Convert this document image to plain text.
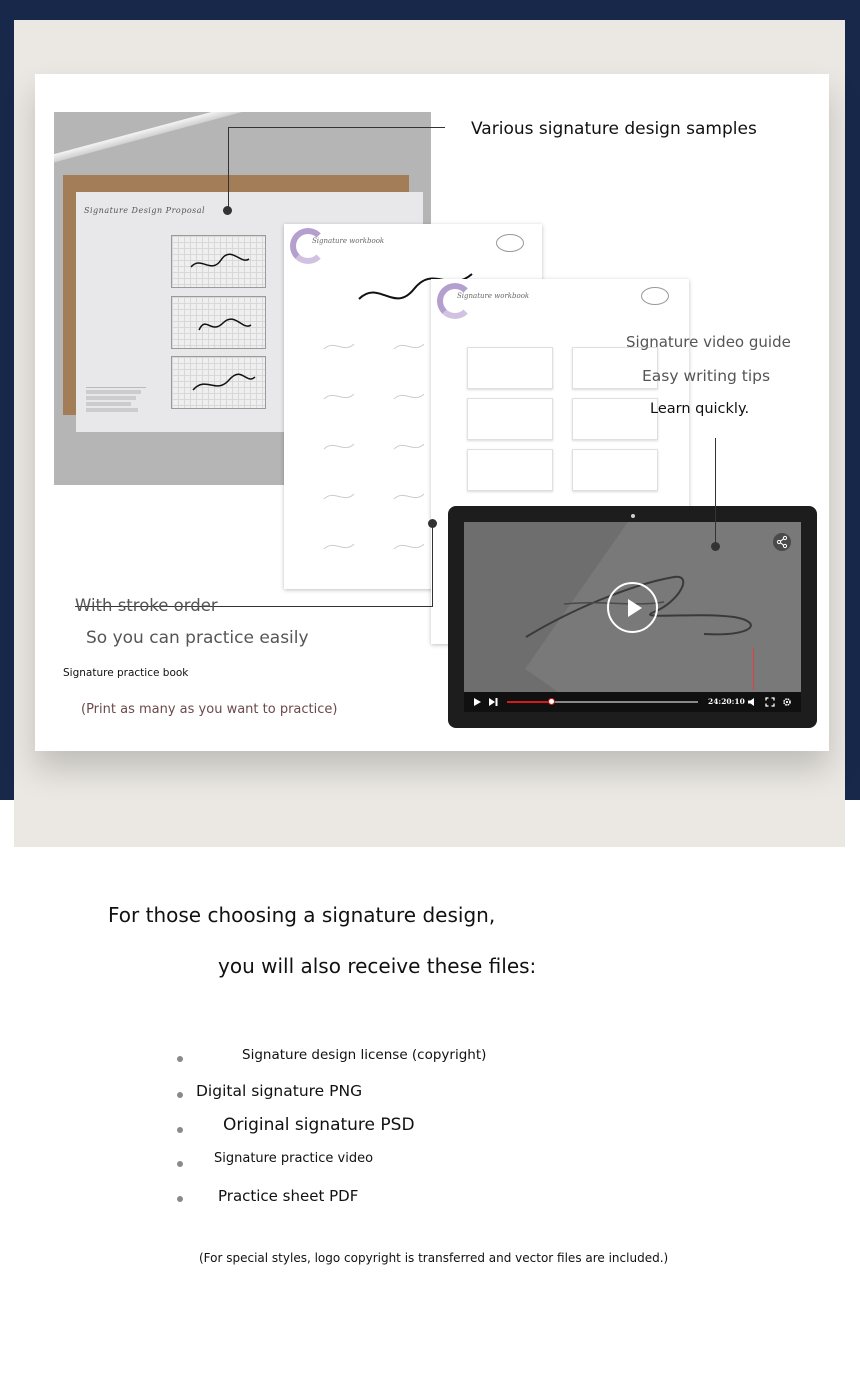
Signature Design Proposal
Signature workbook
Signature workbook
24:20:10
Various signature design samples
Signature video guide
Easy writing tips
Learn quickly.
With stroke order
So you can practice easily
Signature practice book
(Print as many as you want to practice)
For those choosing a signature design,
you will also receive these files:
Signature design license (copyright)
Digital signature PNG
Original signature PSD
Signature practice video
Practice sheet PDF
(For special styles, logo copyright is transferred and vector files are included.)
